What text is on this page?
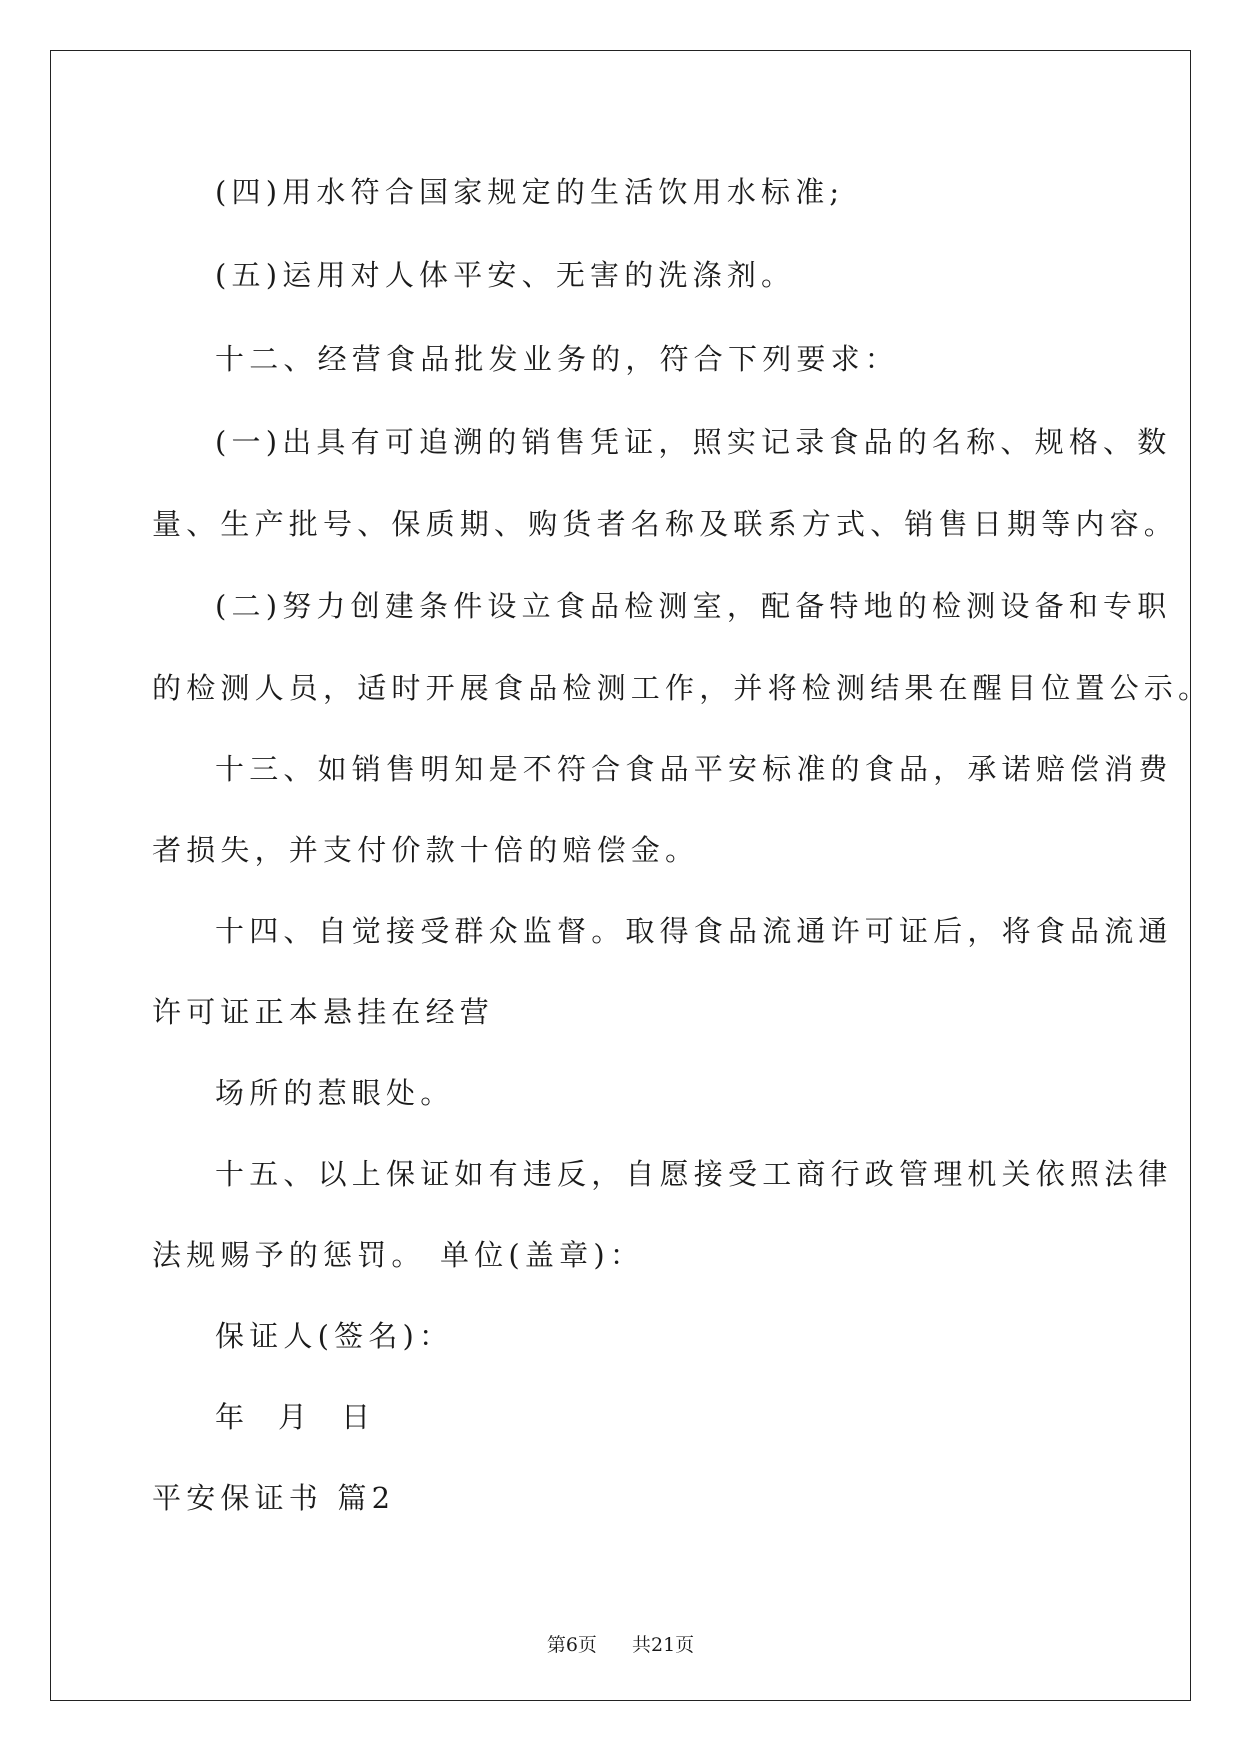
(四)用水符合国家规定的生活饮用水标准;
(五)运用对人体平安、无害的洗涤剂。
十二、经营食品批发业务的，符合下列要求：
(一)出具有可追溯的销售凭证，照实记录食品的名称、规格、数
量、生产批号、保质期、购货者名称及联系方式、销售日期等内容。
(二)努力创建条件设立食品检测室，配备特地的检测设备和专职
的检测人员，适时开展食品检测工作，并将检测结果在醒目位置公示。
十三、如销售明知是不符合食品平安标准的食品，承诺赔偿消费
者损失，并支付价款十倍的赔偿金。
十四、自觉接受群众监督。取得食品流通许可证后，将食品流通
许可证正本悬挂在经营
场所的惹眼处。
十五、以上保证如有违反，自愿接受工商行政管理机关依照法律
法规赐予的惩罚。 单位(盖章)：
保证人(签名)：
年  月  日
平安保证书 篇2
第6页   共21页
